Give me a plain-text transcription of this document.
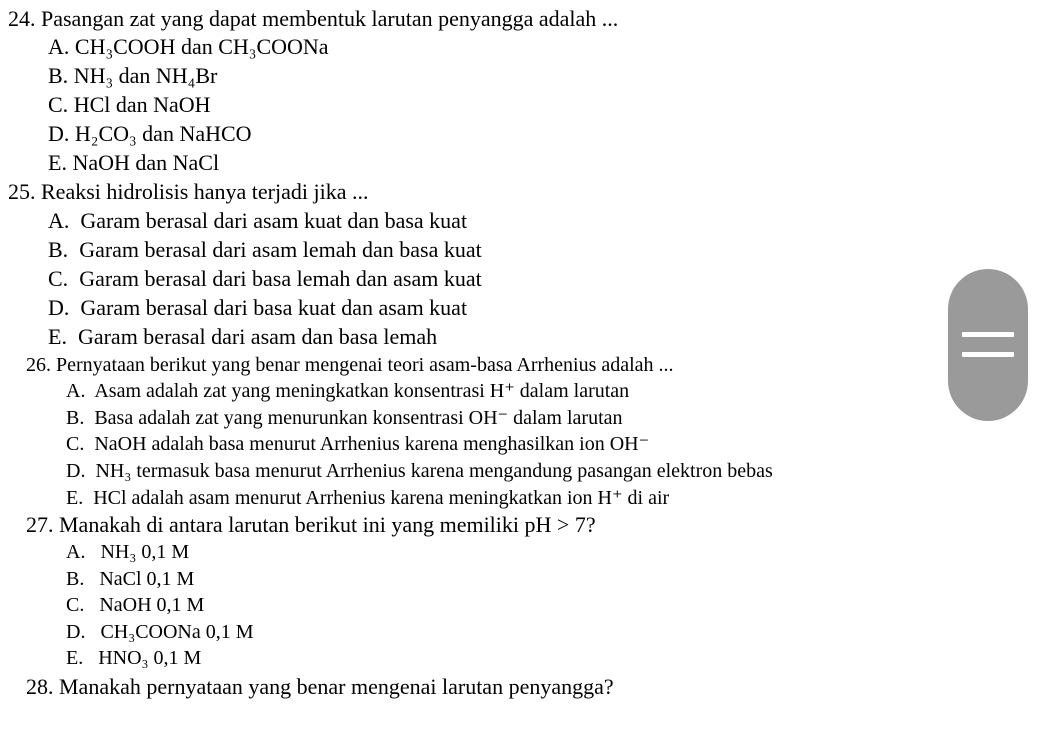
24. Pasangan zat yang dapat membentuk larutan penyangga adalah ...
A. CH₃COOH dan CH₃COONa
B. NH₃ dan NH₄Br
C. HCl dan NaOH
D. H₂CO₃ dan NaHCO
E. NaOH dan NaCl
25. Reaksi hidrolisis hanya terjadi jika ...
A. Garam berasal dari asam kuat dan basa kuat
B. Garam berasal dari asam lemah dan basa kuat
C. Garam berasal dari basa lemah dan asam kuat
D. Garam berasal dari basa kuat dan asam kuat
E. Garam berasal dari asam dan basa lemah
26. Pernyataan berikut yang benar mengenai teori asam-basa Arrhenius adalah ...
A. Asam adalah zat yang meningkatkan konsentrasi H⁺ dalam larutan
B. Basa adalah zat yang menurunkan konsentrasi OH⁻ dalam larutan
C. NaOH adalah basa menurut Arrhenius karena menghasilkan ion OH⁻
D. NH₃ termasuk basa menurut Arrhenius karena mengandung pasangan elektron bebas
E. HCl adalah asam menurut Arrhenius karena meningkatkan ion H⁺ di air
27. Manakah di antara larutan berikut ini yang memiliki pH > 7?
A. NH₃ 0,1 M
B. NaCl 0,1 M
C. NaOH 0,1 M
D. CH₃COONa 0,1 M
E. HNO₃ 0,1 M
28. Manakah pernyataan yang benar mengenai larutan penyangga?
